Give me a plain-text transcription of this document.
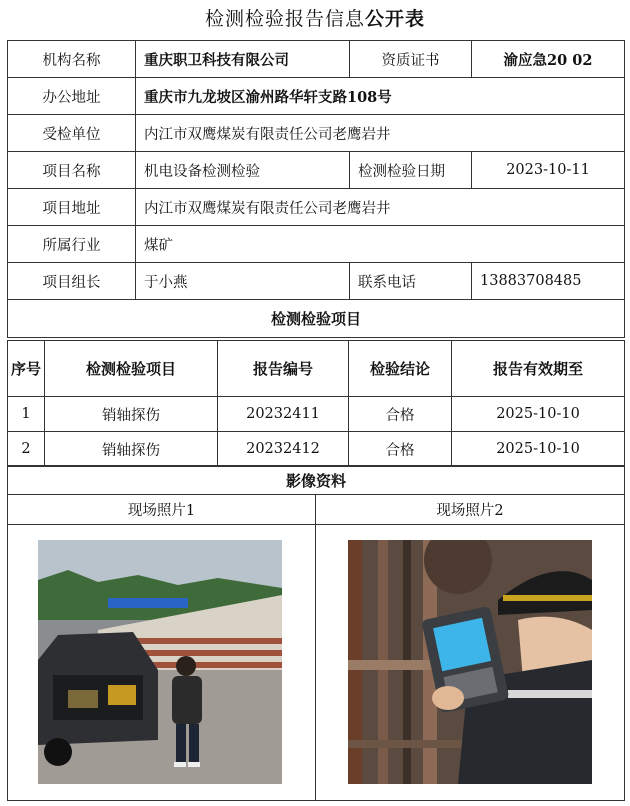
检测检验报告信息公开表
机构名称	重庆职卫科技有限公司	资质证书	渝应急20 02
办公地址	重庆市九龙坡区渝州路华轩支路108号		
受检单位	内江市双鹰煤炭有限责任公司老鹰岩井		
项目名称	机电设备检测检验	检测检验日期	2023-10-11
项目地址	内江市双鹰煤炭有限责任公司老鹰岩井		
所属行业	煤矿		
项目组长	于小燕	联系电话	13883708485
检测检验项目			
序号	检测检验项目	报告编号	检验结论	报告有效期至
1	销轴探伤	20232411	合格	2025-10-10
2	销轴探伤	20232412	合格	2025-10-10
影像资料	
现场照片1	现场照片2
